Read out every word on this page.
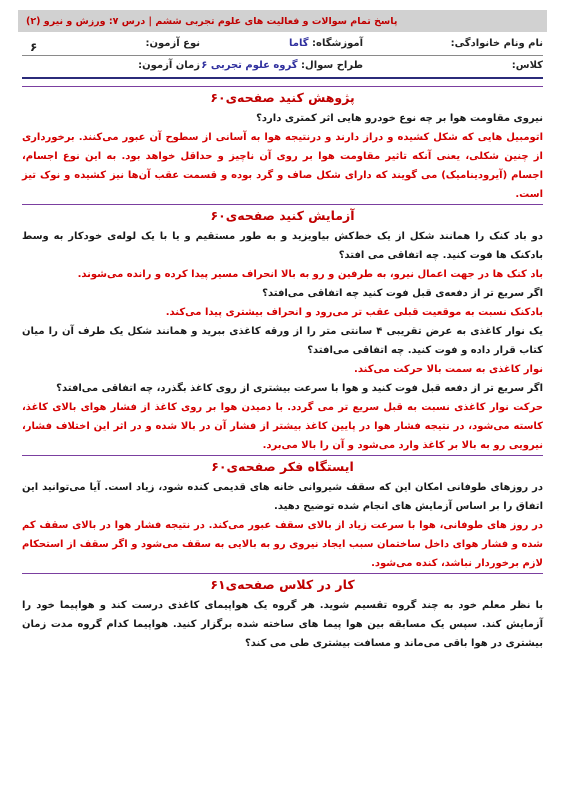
پاسخ تمام سوالات و فعالیت های علوم تجربی ششم | درس ۷: ورزش و نیرو (۲)
نام ونام خانوادگی:
آموزشگاه: گاما
نوع آزمون:
کلاس:
طراح سوال: گروه علوم تجربی ۶
زمان آزمون:
۶
پژوهش کنید صفحه‌ی۶۰

نیروی مقاومت هوا بر چه نوع خودرو هایی اثر کمتری دارد؟

اتومبیل هایی که شکل کشیده و دراز دارند و درنتیجه هوا به آسانی از سطوح آن عبور می‌کنند. برخورداری از چنین شکلی، یعنی آنکه تاثیر مقاومت هوا بر روی آن ناچیز و حداقل خواهد بود. به این نوع اجسام، اجسام (آیرودینامیک) می گویند که دارای شکل صاف و گرد بوده و قسمت عقب آن‌ها نیز کشیده و نوک تیز است.

آزمایش کنید صفحه‌ی۶۰

دو باد کنک را همانند شکل از یک خط‌کش بیاویزید و به طور مستقیم و یا با یک لوله‌ی خودکار به وسط بادکنک ها فوت کنید. چه اتفاقی می افتد؟

باد کنک ها در جهت اعمال نیرو، به طرفین و رو به بالا انحراف مسیر پیدا کرده و رانده می‌شوند.

اگر سریع تر از دفعه‌ی قبل فوت کنید چه اتفاقی می‌افتد؟

بادکنک نسبت به موقعیت قبلی عقب تر می‌رود و انحراف بیشتری پیدا می‌کند.

یک نوار کاغذی به عرض تقریبی ۴ سانتی متر را از ورقه کاغذی ببرید و همانند شکل یک طرف آن را میان کتاب قرار داده و فوت کنید. چه اتفاقی می‌افتد؟

نوار کاغذی به سمت بالا حرکت می‌کند.

اگر سریع تر از دفعه قبل فوت کنید و هوا با سرعت بیشتری از روی کاغذ بگذرد، چه اتفاقی می‌افتد؟

حرکت نوار کاغذی نسبت به قبل سریع تر می گردد. با دمیدن هوا بر روی کاغذ از فشار هوای بالای کاغذ، کاسته می‌شود، در نتیجه فشار هوا در پایین کاغذ بیشتر از فشار آن در بالا شده و در اثر این اختلاف فشار، نیرویی رو به بالا بر کاغذ وارد می‌شود و آن را بالا می‌برد.

ایستگاه فکر صفحه‌ی۶۰

در روزهای طوفانی امکان این که سقف شیروانی خانه های قدیمی کنده شود، زیاد است. آیا می‌توانید این اتفاق را بر اساس آزمایش های انجام شده توضیح دهید.

در روز های طوفانی، هوا با سرعت زیاد از بالای سقف عبور می‌کند. در نتیجه فشار هوا در بالای سقف کم شده و فشار هوای داخل ساختمان سبب ایجاد نیروی رو به بالایی به سقف می‌شود و اگر سقف از استحکام لازم برخوردار نباشد، کنده می‌شود.

کار در کلاس صفحه‌ی۶۱

با نظر معلم خود به چند گروه تقسیم شوید. هر گروه یک هواپیمای کاغذی درست کند و هواپیما خود را آزمایش کند. سپس یک مسابقه بین هوا پیما های ساخته شده برگزار کنید. هواپیما کدام گروه مدت زمان بیشتری در هوا باقی می‌ماند و مسافت بیشتری طی می کند؟
